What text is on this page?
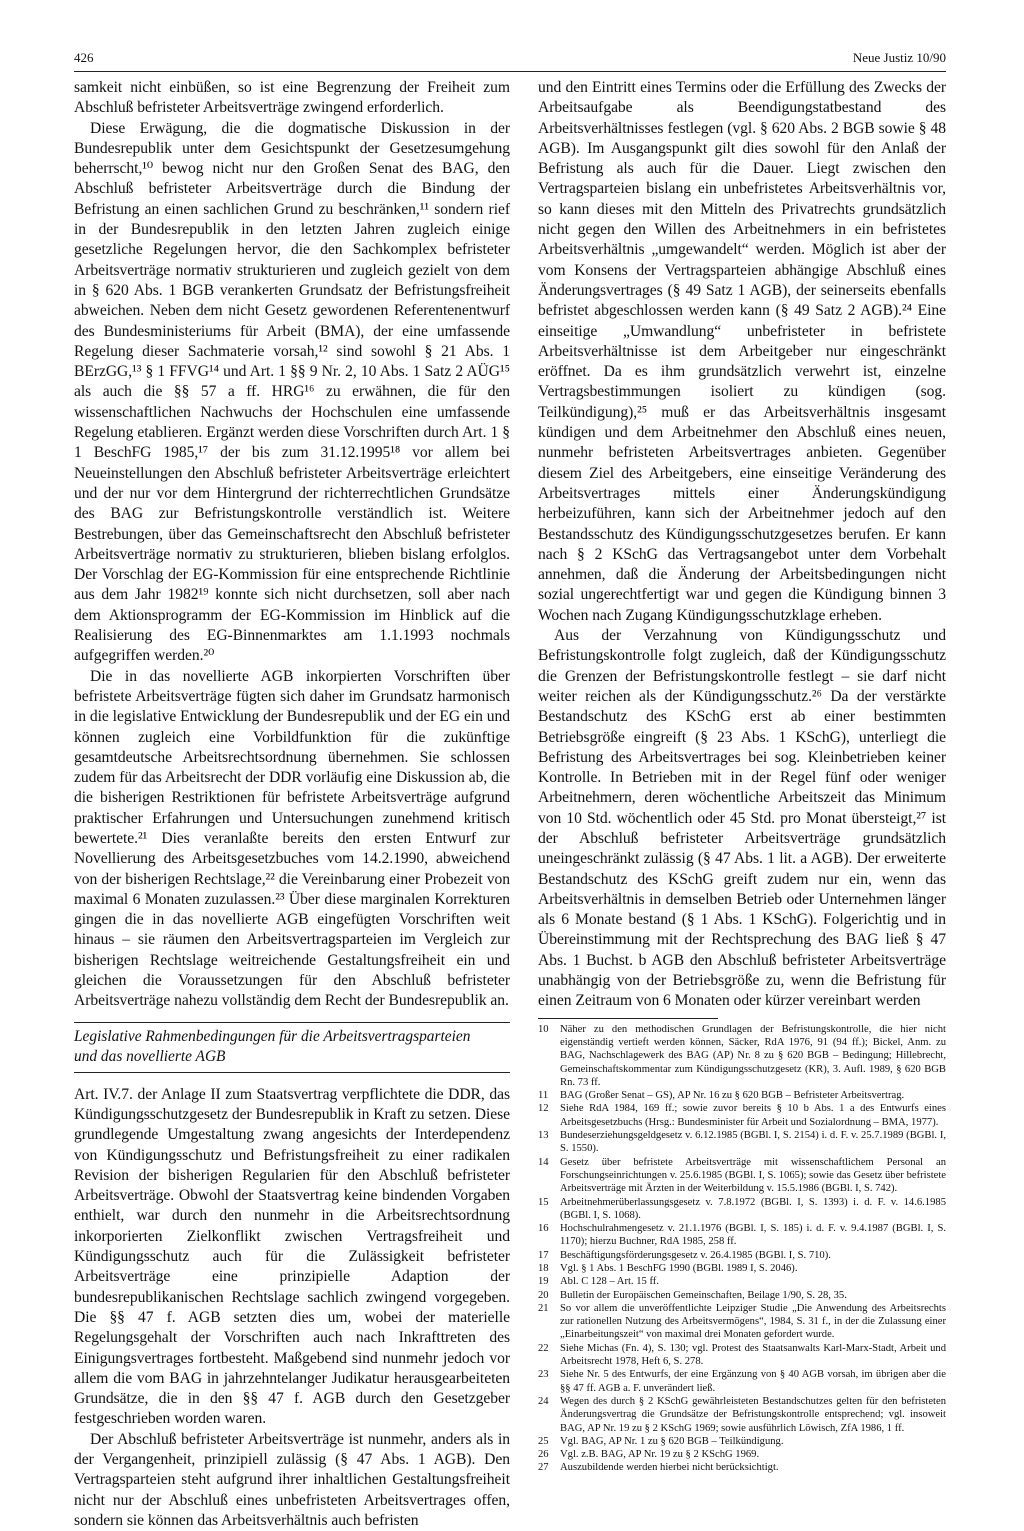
426	Neue Justiz 10/90

samkeit nicht einbüßen, so ist eine Begrenzung der Freiheit zum Abschluß befristeter Arbeitsverträge zwingend erforderlich.

Diese Erwägung, die die dogmatische Diskussion in der Bundesrepublik unter dem Gesichtspunkt der Gesetzesumgehung beherrscht,¹⁰ bewog nicht nur den Großen Senat des BAG, den Abschluß befristeter Arbeitsverträge durch die Bindung der Befristung an einen sachlichen Grund zu beschränken,¹¹ sondern rief in der Bundesrepublik in den letzten Jahren zugleich einige gesetzliche Regelungen hervor, die den Sachkomplex befristeter Arbeitsverträge normativ strukturieren und zugleich gezielt von dem in § 620 Abs. 1 BGB verankerten Grundsatz der Befristungsfreiheit abweichen. Neben dem nicht Gesetz gewordenen Referentenentwurf des Bundesministeriums für Arbeit (BMA), der eine umfassende Regelung dieser Sachmaterie vorsah,¹² sind sowohl § 21 Abs. 1 BErzGG,¹³ § 1 FFVG¹⁴ und Art. 1 §§ 9 Nr. 2, 10 Abs. 1 Satz 2 AÜG¹⁵ als auch die §§ 57 a ff. HRG¹⁶ zu erwähnen, die für den wissenschaftlichen Nachwuchs der Hochschulen eine umfassende Regelung etablieren. Ergänzt werden diese Vorschriften durch Art. 1 § 1 BeschFG 1985,¹⁷ der bis zum 31.12.1995¹⁸ vor allem bei Neueinstellungen den Abschluß befristeter Arbeitsverträge erleichtert und der nur vor dem Hintergrund der richterrechtlichen Grundsätze des BAG zur Befristungskontrolle verständlich ist. Weitere Bestrebungen, über das Gemeinschaftsrecht den Abschluß befristeter Arbeitsverträge normativ zu strukturieren, blieben bislang erfolglos. Der Vorschlag der EG-Kommission für eine entsprechende Richtlinie aus dem Jahr 1982¹⁹ konnte sich nicht durchsetzen, soll aber nach dem Aktionsprogramm der EG-Kommission im Hinblick auf die Realisierung des EG-Binnenmarktes am 1.1.1993 nochmals aufgegriffen werden.²⁰

Die in das novellierte AGB inkorpierten Vorschriften über befristete Arbeitsverträge fügten sich daher im Grundsatz harmonisch in die legislative Entwicklung der Bundesrepublik und der EG ein und können zugleich eine Vorbildfunktion für die zukünftige gesamtdeutsche Arbeitsrechtsordnung übernehmen. Sie schlossen zudem für das Arbeitsrecht der DDR vorläufig eine Diskussion ab, die die bisherigen Restriktionen für befristete Arbeitsverträge aufgrund praktischer Erfahrungen und Untersuchungen zunehmend kritisch bewertete.²¹ Dies veranlaßte bereits den ersten Entwurf zur Novellierung des Arbeitsgesetzbuches vom 14.2.1990, abweichend von der bisherigen Rechtslage,²² die Vereinbarung einer Probezeit von maximal 6 Monaten zuzulassen.²³ Über diese marginalen Korrekturen gingen die in das novellierte AGB eingefügten Vorschriften weit hinaus – sie räumen den Arbeitsvertragsparteien im Vergleich zur bisherigen Rechtslage weitreichende Gestaltungsfreiheit ein und gleichen die Voraussetzungen für den Abschluß befristeter Arbeitsverträge nahezu vollständig dem Recht der Bundesrepublik an.

Legislative Rahmenbedingungen für die Arbeitsvertragsparteien
und das novellierte AGB

Art. IV.7. der Anlage II zum Staatsvertrag verpflichtete die DDR, das Kündigungsschutzgesetz der Bundesrepublik in Kraft zu setzen. Diese grundlegende Umgestaltung zwang angesichts der Interdependenz von Kündigungsschutz und Befristungsfreiheit zu einer radikalen Revision der bisherigen Regularien für den Abschluß befristeter Arbeitsverträge. Obwohl der Staatsvertrag keine bindenden Vorgaben enthielt, war durch den nunmehr in die Arbeitsrechtsordnung inkorporierten Zielkonflikt zwischen Vertragsfreiheit und Kündigungsschutz auch für die Zulässigkeit befristeter Arbeitsverträge eine prinzipielle Adaption der bundesrepublikanischen Rechtslage sachlich zwingend vorgegeben. Die §§ 47 f. AGB setzten dies um, wobei der materielle Regelungsgehalt der Vorschriften auch nach Inkrafttreten des Einigungsvertrages fortbesteht. Maßgebend sind nunmehr jedoch vor allem die vom BAG in jahrzehntelanger Judikatur herausgearbeiteten Grundsätze, die in den §§ 47 f. AGB durch den Gesetzgeber festgeschrieben worden waren.

Der Abschluß befristeter Arbeitsverträge ist nunmehr, anders als in der Vergangenheit, prinzipiell zulässig (§ 47 Abs. 1 AGB). Den Vertragsparteien steht aufgrund ihrer inhaltlichen Gestaltungsfreiheit nicht nur der Abschluß eines unbefristeten Arbeitsvertrages offen, sondern sie können das Arbeitsverhältnis auch befristen

und den Eintritt eines Termins oder die Erfüllung des Zwecks der Arbeitsaufgabe als Beendigungstatbestand des Arbeitsverhältnisses festlegen (vgl. § 620 Abs. 2 BGB sowie § 48 AGB). Im Ausgangspunkt gilt dies sowohl für den Anlaß der Befristung als auch für die Dauer. Liegt zwischen den Vertragsparteien bislang ein unbefristetes Arbeitsverhältnis vor, so kann dieses mit den Mitteln des Privatrechts grundsätzlich nicht gegen den Willen des Arbeitnehmers in ein befristetes Arbeitsverhältnis „umgewandelt“ werden. Möglich ist aber der vom Konsens der Vertragsparteien abhängige Abschluß eines Änderungsvertrages (§ 49 Satz 1 AGB), der seinerseits ebenfalls befristet abgeschlossen werden kann (§ 49 Satz 2 AGB).²⁴ Eine einseitige „Umwandlung“ unbefristeter in befristete Arbeitsverhältnisse ist dem Arbeitgeber nur eingeschränkt eröffnet. Da es ihm grundsätzlich verwehrt ist, einzelne Vertragsbestimmungen isoliert zu kündigen (sog. Teilkündigung),²⁵ muß er das Arbeitsverhältnis insgesamt kündigen und dem Arbeitnehmer den Abschluß eines neuen, nunmehr befristeten Arbeitsvertrages anbieten. Gegenüber diesem Ziel des Arbeitgebers, eine einseitige Veränderung des Arbeitsvertrages mittels einer Änderungskündigung herbeizuführen, kann sich der Arbeitnehmer jedoch auf den Bestandsschutz des Kündigungsschutzgesetzes berufen. Er kann nach § 2 KSchG das Vertragsangebot unter dem Vorbehalt annehmen, daß die Änderung der Arbeitsbedingungen nicht sozial ungerechtfertigt war und gegen die Kündigung binnen 3 Wochen nach Zugang Kündigungsschutzklage erheben.

Aus der Verzahnung von Kündigungsschutz und Befristungskontrolle folgt zugleich, daß der Kündigungsschutz die Grenzen der Befristungskontrolle festlegt – sie darf nicht weiter reichen als der Kündigungsschutz.²⁶ Da der verstärkte Bestandschutz des KSchG erst ab einer bestimmten Betriebsgröße eingreift (§ 23 Abs. 1 KSchG), unterliegt die Befristung des Arbeitsvertrages bei sog. Kleinbetrieben keiner Kontrolle. In Betrieben mit in der Regel fünf oder weniger Arbeitnehmern, deren wöchentliche Arbeitszeit das Minimum von 10 Std. wöchentlich oder 45 Std. pro Monat übersteigt,²⁷ ist der Abschluß befristeter Arbeitsverträge grundsätzlich uneingeschränkt zulässig (§ 47 Abs. 1 lit. a AGB). Der erweiterte Bestandschutz des KSchG greift zudem nur ein, wenn das Arbeitsverhältnis in demselben Betrieb oder Unternehmen länger als 6 Monate bestand (§ 1 Abs. 1 KSchG). Folgerichtig und in Übereinstimmung mit der Rechtsprechung des BAG ließ § 47 Abs. 1 Buchst. b AGB den Abschluß befristeter Arbeitsverträge unabhängig von der Betriebsgröße zu, wenn die Befristung für einen Zeitraum von 6 Monaten oder kürzer vereinbart werden

10	Näher zu den methodischen Grundlagen der Befristungskontrolle, die hier nicht eigenständig vertieft werden können, Säcker, RdA 1976, 91 (94 ff.); Bickel, Anm. zu BAG, Nachschlagewerk des BAG (AP) Nr. 8 zu § 620 BGB – Bedingung; Hillebrecht, Gemeinschaftskommentar zum Kündigungsschutzgesetz (KR), 3. Aufl. 1989, § 620 BGB Rn. 73 ff.
11	BAG (Großer Senat – GS), AP Nr. 16 zu § 620 BGB – Befristeter Arbeitsvertrag.
12	Siehe RdA 1984, 169 ff.; sowie zuvor bereits § 10 b Abs. 1 a des Entwurfs eines Arbeitsgesetzbuchs (Hrsg.: Bundesminister für Arbeit und Sozialordnung – BMA, 1977).
13	Bundeserziehungsgeldgesetz v. 6.12.1985 (BGBl. I, S. 2154) i. d. F. v. 25.7.1989 (BGBl. I, S. 1550).
14	Gesetz über befristete Arbeitsverträge mit wissenschaftlichem Personal an Forschungseinrichtungen v. 25.6.1985 (BGBl. I, S. 1065); sowie das Gesetz über befristete Arbeitsverträge mit Ärzten in der Weiterbildung v. 15.5.1986 (BGBl. I, S. 742).
15	Arbeitnehmerüberlassungsgesetz v. 7.8.1972 (BGBl. I, S. 1393) i. d. F. v. 14.6.1985 (BGBl. I, S. 1068).
16	Hochschulrahmengesetz v. 21.1.1976 (BGBl. I, S. 185) i. d. F. v. 9.4.1987 (BGBl. I, S. 1170); hierzu Buchner, RdA 1985, 258 ff.
17	Beschäftigungsförderungsgesetz v. 26.4.1985 (BGBl. I, S. 710).
18	Vgl. § 1 Abs. 1 BeschFG 1990 (BGBl. 1989 I, S. 2046).
19	Abl. C 128 – Art. 15 ff.
20	Bulletin der Europäischen Gemeinschaften, Beilage 1/90, S. 28, 35.
21	So vor allem die unveröffentlichte Leipziger Studie „Die Anwendung des Arbeitsrechts zur rationellen Nutzung des Arbeitsvermögens“, 1984, S. 31 f., in der die Zulassung einer „Einarbeitungszeit“ von maximal drei Monaten gefordert wurde.
22	Siehe Michas (Fn. 4), S. 130; vgl. Protest des Staatsanwalts Karl-Marx-Stadt, Arbeit und Arbeitsrecht 1978, Heft 6, S. 278.
23	Siehe Nr. 5 des Entwurfs, der eine Ergänzung von § 40 AGB vorsah, im übrigen aber die §§ 47 ff. AGB a. F. unverändert ließ.
24	Wegen des durch § 2 KSchG gewährleisteten Bestandschutzes gelten für den befristeten Änderungsvertrag die Grundsätze der Befristungskontrolle entsprechend; vgl. insoweit BAG, AP Nr. 19 zu § 2 KSchG 1969; sowie ausführlich Löwisch, ZfA 1986, 1 ff.
25	Vgl. BAG, AP Nr. 1 zu § 620 BGB – Teilkündigung.
26	Vgl. z.B. BAG, AP Nr. 19 zu § 2 KSchG 1969.
27	Auszubildende werden hierbei nicht berücksichtigt.
